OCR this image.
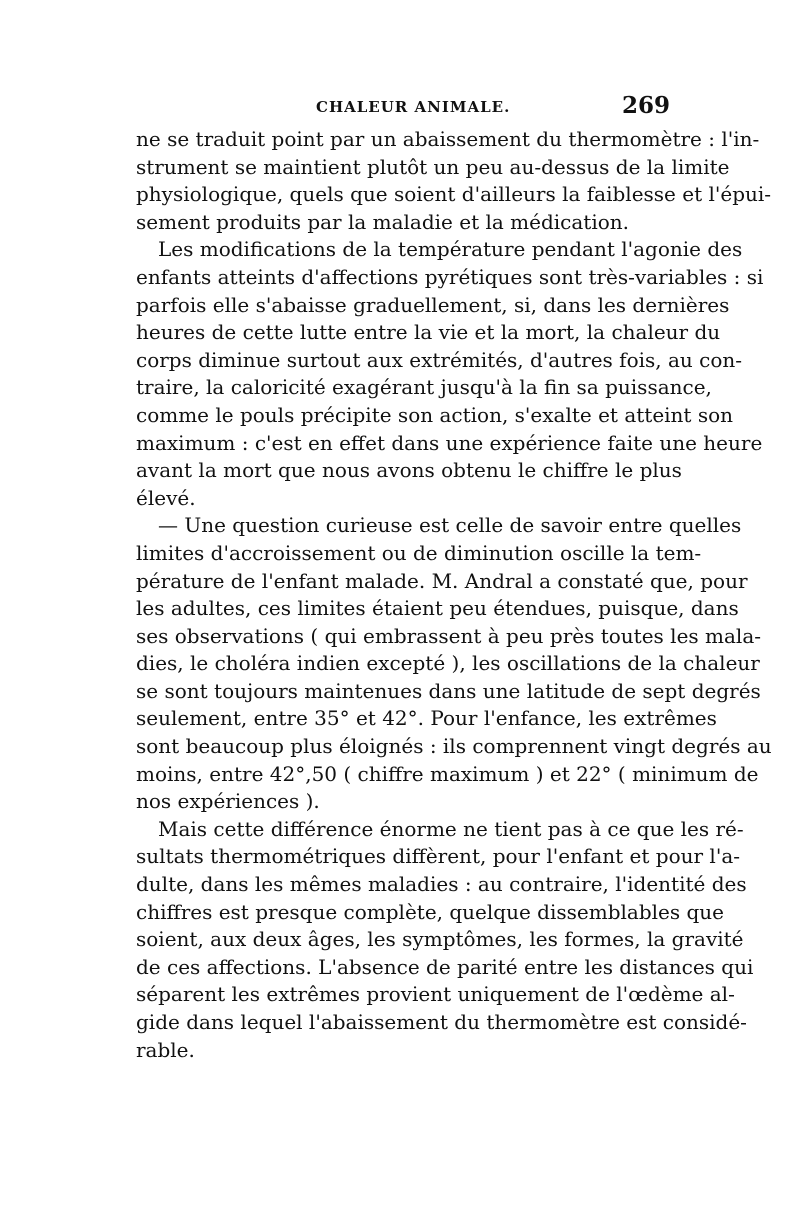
CHALEUR ANIMALE.	269
ne se traduit point par un abaissement du thermomètre : l'in-
strument se maintient plutôt un peu au-dessus de la limite
physiologique, quels que soient d'ailleurs la faiblesse et l'épui-
sement produits par la maladie et la médication.
Les modifications de la température pendant l'agonie des
enfants atteints d'affections pyrétiques sont très-variables : si
parfois elle s'abaisse graduellement, si, dans les dernières
heures de cette lutte entre la vie et la mort, la chaleur du
corps diminue surtout aux extrémités, d'autres fois, au con-
traire, la caloricité exagérant jusqu'à la fin sa puissance,
comme le pouls précipite son action, s'exalte et atteint son
maximum : c'est en effet dans une expérience faite une heure
avant la mort que nous avons obtenu le chiffre le plus
élevé.
— Une question curieuse est celle de savoir entre quelles
limites d'accroissement ou de diminution oscille la tem-
pérature de l'enfant malade. M. Andral a constaté que, pour
les adultes, ces limites étaient peu étendues, puisque, dans
ses observations ( qui embrassent à peu près toutes les mala-
dies, le choléra indien excepté ), les oscillations de la chaleur
se sont toujours maintenues dans une latitude de sept degrés
seulement, entre 35° et 42°. Pour l'enfance, les extrêmes
sont beaucoup plus éloignés : ils comprennent vingt degrés au
moins, entre 42°,50 ( chiffre maximum ) et 22° ( minimum de
nos expériences ).
Mais cette différence énorme ne tient pas à ce que les ré-
sultats thermométriques diffèrent, pour l'enfant et pour l'a-
dulte, dans les mêmes maladies : au contraire, l'identité des
chiffres est presque complète, quelque dissemblables que
soient, aux deux âges, les symptômes, les formes, la gravité
de ces affections. L'absence de parité entre les distances qui
séparent les extrêmes provient uniquement de l'œdème al-
gide dans lequel l'abaissement du thermomètre est considé-
rable.
